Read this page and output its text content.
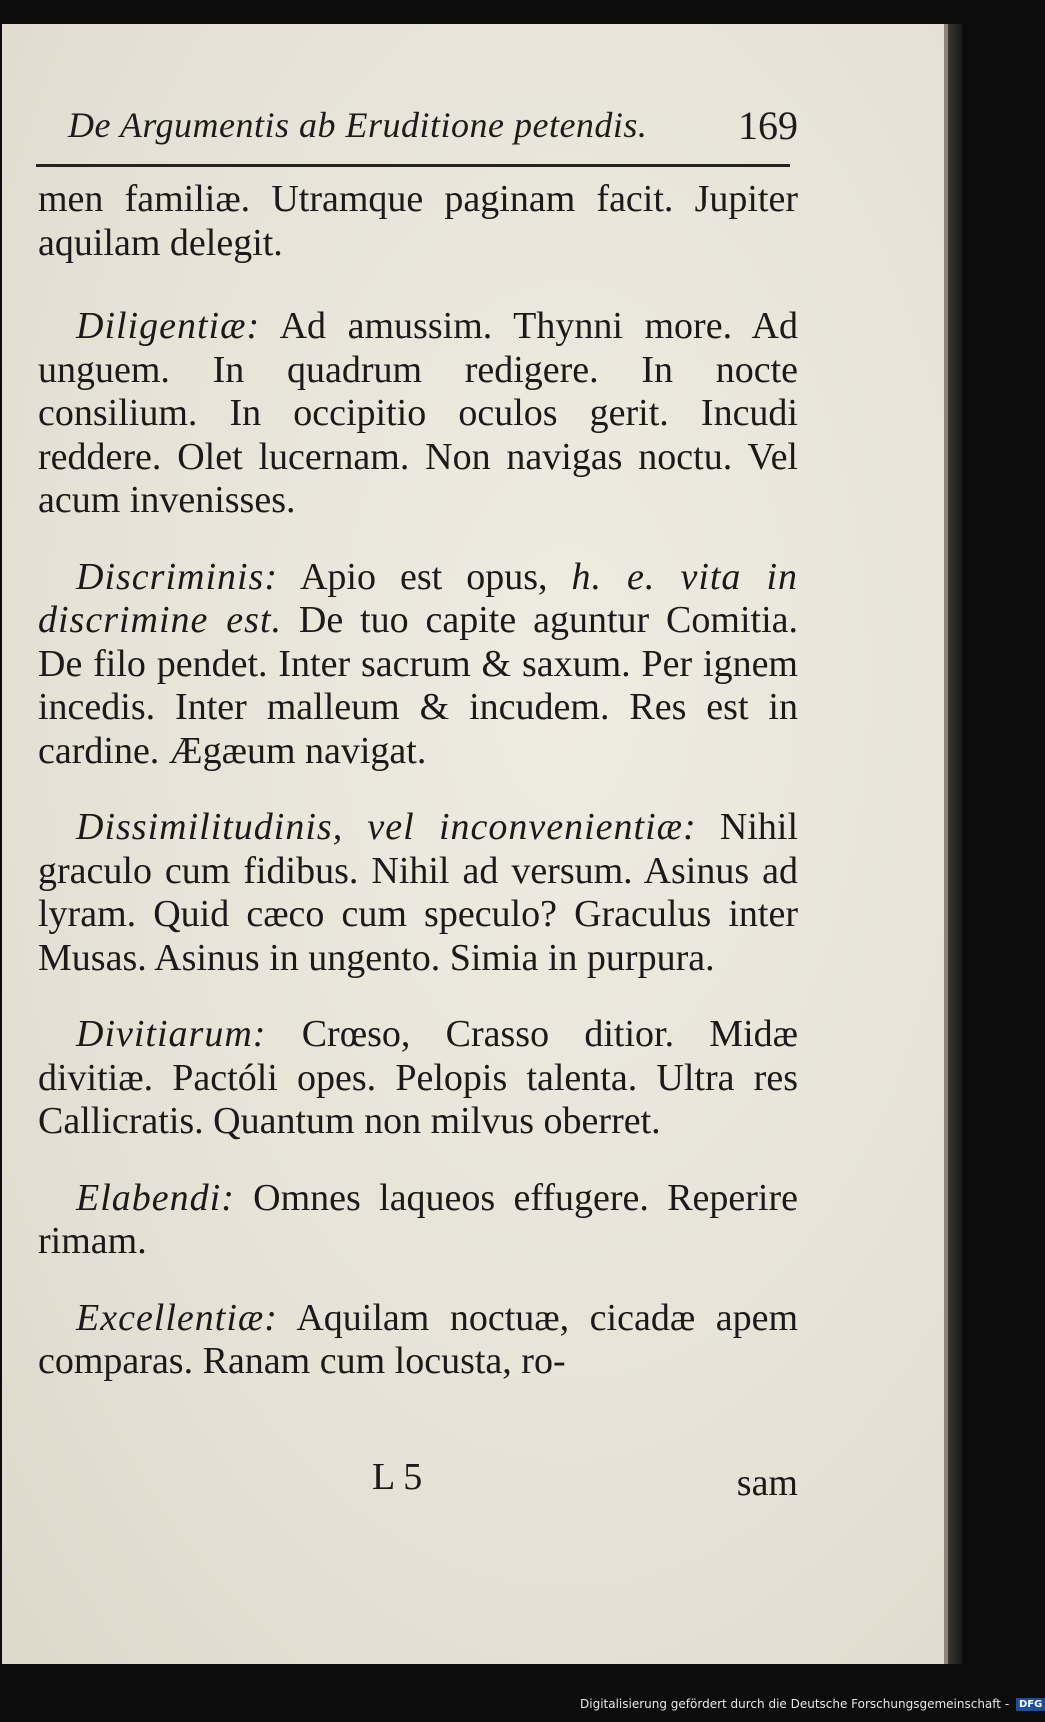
De Argumentis ab Eruditione petendis. 169

men familiæ. Utramque paginam facit. Jupiter aquilam delegit.

Diligentiæ: Ad amussim. Thynni more. Ad unguem. In quadrum redigere. In nocte consilium. In occipitio oculos gerit. Incudi reddere. Olet lucernam. Non navigas noctu. Vel acum invenisses.

Discriminis: Apio est opus, h. e. vita in discrimine est. De tuo capite aguntur Comitia. De filo pendet. Inter sacrum & saxum. Per ignem incedis. Inter malleum & incudem. Res est in cardine. Ægæum navigat.

Dissimilitudinis, vel inconvenientiæ: Nihil graculo cum fidibus. Nihil ad versum. Asinus ad lyram. Quid cæco cum speculo? Graculus inter Musas. Asinus in ungento. Simia in purpura.

Divitiarum: Crœso, Crasso ditior. Midæ divitiæ. Pactóli opes. Pelopis talenta. Ultra res Callicratis. Quantum non milvus oberret.

Elabendi: Omnes laqueos effugere. Reperire rimam.

Excellentiæ: Aquilam noctuæ, cicadæ apem comparas. Ranam cum locusta, ro-

L 5	sam
Digitalisierung gefördert durch die Deutsche Forschungsgemeinschaft - DFG
